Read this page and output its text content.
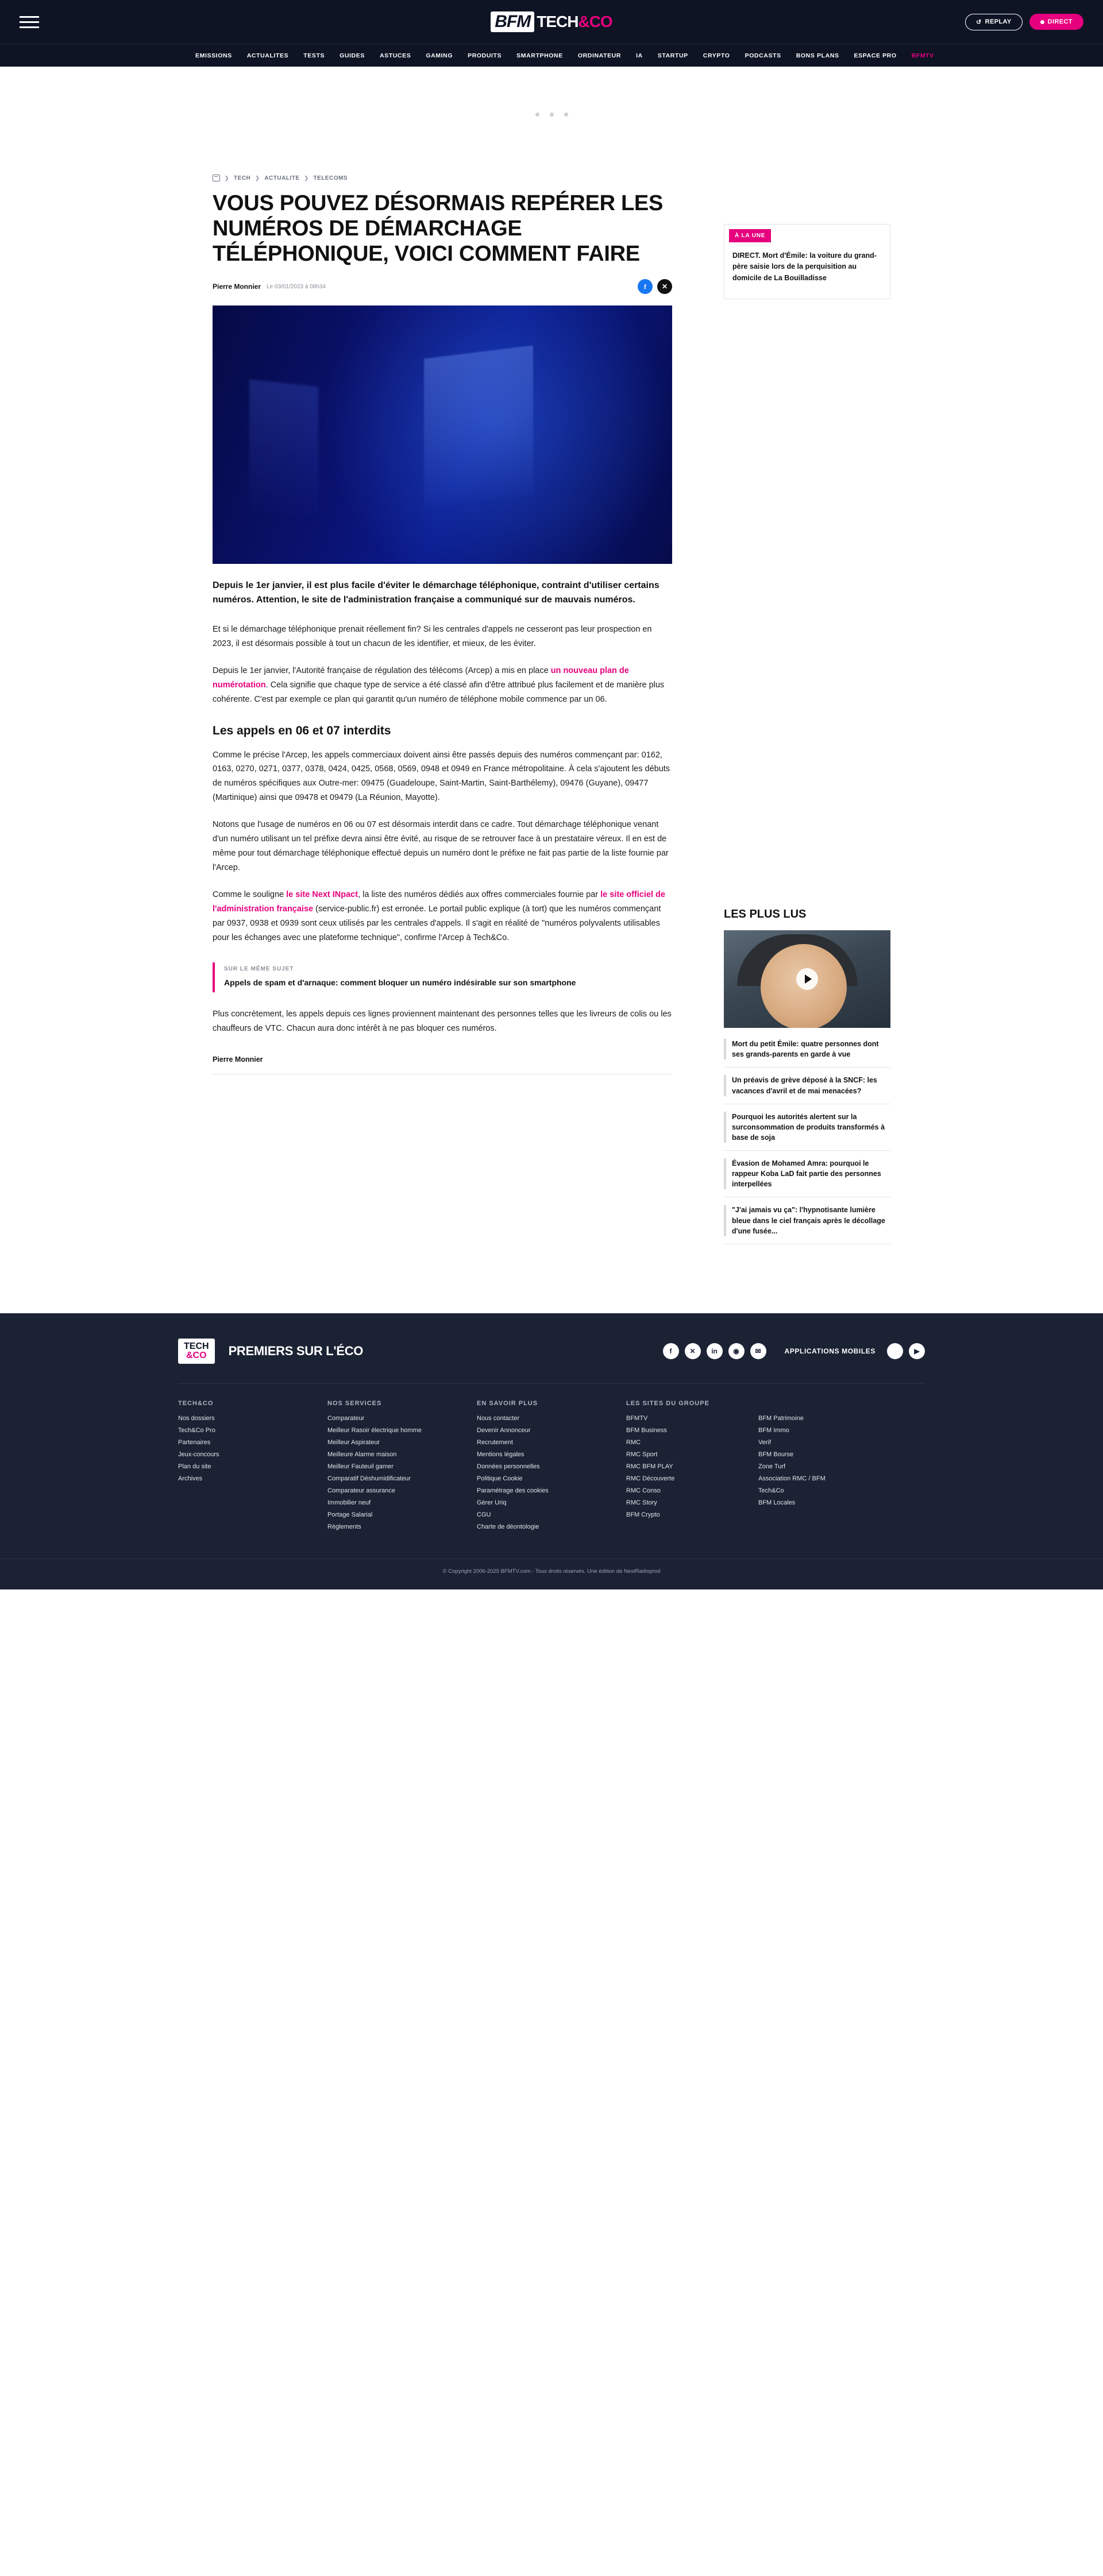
BFM TECH &CO	↺ REPLAY	DIRECT
EMISSIONS ACTUALITES TESTS GUIDES ASTUCES GAMING PRODUITS SMARTPHONE ORDINATEUR IA STARTUP CRYPTO PODCASTS BONS PLANS ESPACE PRO BFMTV
❯ TECH ❯ ACTUALITE ❯ TELECOMS
VOUS POUVEZ DÉSORMAIS REPÉRER LES NUMÉROS DE DÉMARCHAGE TÉLÉPHONIQUE, VOICI COMMENT FAIRE
Pierre Monnier Le 03/01/2023 à 08h34	f	✕

Depuis le 1er janvier, il est plus facile d'éviter le démarchage téléphonique, contraint d'utiliser certains numéros. Attention, le site de l'administration française a communiqué sur de mauvais numéros.

Et si le démarchage téléphonique prenait réellement fin? Si les centrales d'appels ne cesseront pas leur prospection en 2023, il est désormais possible à tout un chacun de les identifier, et mieux, de les éviter.

Depuis le 1er janvier, l'Autorité française de régulation des télécoms (Arcep) a mis en place un nouveau plan de numérotation. Cela signifie que chaque type de service a été classé afin d'être attribué plus facilement et de manière plus cohérente. C'est par exemple ce plan qui garantit qu'un numéro de téléphone mobile commence par un 06.

Les appels en 06 et 07 interdits

Comme le précise l'Arcep, les appels commerciaux doivent ainsi être passés depuis des numéros commençant par: 0162, 0163, 0270, 0271, 0377, 0378, 0424, 0425, 0568, 0569, 0948 et 0949 en France métropolitaine. À cela s'ajoutent les débuts de numéros spécifiques aux Outre-mer: 09475 (Guadeloupe, Saint-Martin, Saint-Barthélemy), 09476 (Guyane), 09477 (Martinique) ainsi que 09478 et 09479 (La Réunion, Mayotte).

Notons que l'usage de numéros en 06 ou 07 est désormais interdit dans ce cadre. Tout démarchage téléphonique venant d'un numéro utilisant un tel préfixe devra ainsi être évité, au risque de se retrouver face à un prestataire véreux. Il en est de même pour tout démarchage téléphonique effectué depuis un numéro dont le préfixe ne fait pas partie de la liste fournie par l'Arcep.

Comme le souligne le site Next INpact, la liste des numéros dédiés aux offres commerciales fournie par le site officiel de l'administration française (service-public.fr) est erronée. Le portail public explique (à tort) que les numéros commençant par 0937, 0938 et 0939 sont ceux utilisés par les centrales d'appels. Il s'agit en réalité de "numéros polyvalents utilisables pour les échanges avec une plateforme technique", confirme l'Arcep à Tech&Co.

SUR LE MÊME SUJET
Appels de spam et d'arnaque: comment bloquer un numéro indésirable sur son smartphone

Plus concrètement, les appels depuis ces lignes proviennent maintenant des personnes telles que les livreurs de colis ou les chauffeurs de VTC. Chacun aura donc intérêt à ne pas bloquer ces numéros.

Pierre Monnier
À LA UNE
DIRECT. Mort d'Émile: la voiture du grand-père saisie lors de la perquisition au domicile de La Bouilladisse
LES PLUS LUS
Mort du petit Émile: quatre personnes dont ses grands-parents en garde à vue
Un préavis de grève déposé à la SNCF: les vacances d'avril et de mai menacées?
Pourquoi les autorités alertent sur la surconsommation de produits transformés à base de soja
Évasion de Mohamed Amra: pourquoi le rappeur Koba LaD fait partie des personnes interpellées
"J'ai jamais vu ça": l'hypnotisante lumière bleue dans le ciel français après le décollage d'une fusée...
TECH
&CO PREMIERS SUR L'ÉCO	f	✕	in	◉	✉	APPLICATIONS MOBILES	▶
TECH&CO
Nos dossiers
Tech&Co Pro
Partenaires
Jeux-concours
Plan du site
Archives
NOS SERVICES
Comparateur
Meilleur Rasoir électrique homme
Meilleur Aspirateur
Meilleure Alarme maison
Meilleur Fauteuil gamer
Comparatif Déshumidificateur
Comparateur assurance
Immobilier neuf
Portage Salarial
Règlements
EN SAVOIR PLUS
Nous contacter
Devenir Annonceur
Recrutement
Mentions légales
Données personnelles
Politique Cookie
Paramétrage des cookies
Gérer Uriq
CGU
Charte de déontologie
LES SITES DU GROUPE
BFMTV
BFM Business
RMC
RMC Sport
RMC BFM PLAY
RMC Découverte
RMC Conso
RMC Story
BFM Crypto
BFM Patrimoine
BFM Immo
Verif
BFM Bourse
Zone Turf
Association RMC / BFM
Tech&Co
BFM Locales
© Copyright 2006-2025 BFMTV.com - Tous droits réservés. Une édition de NextRadioprod
